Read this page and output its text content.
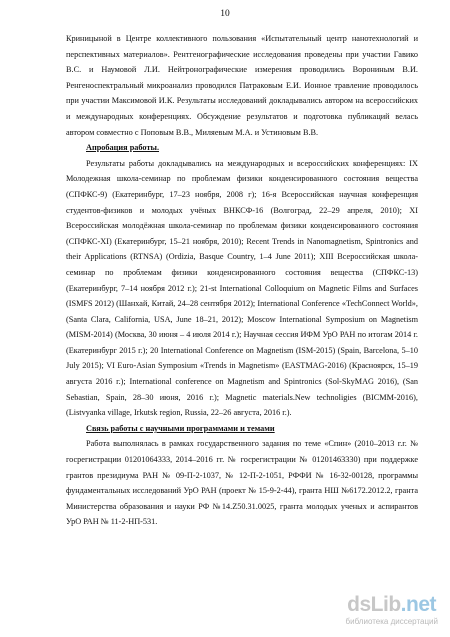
10

Криницыной в Центре коллективного пользования «Испытательный центр нанотехнологий и перспективных материалов». Рентгенографические исследования проведены при участии Гавико В.С. и Наумовой Л.И. Нейтронографические измерения проводились Ворониным В.И. Ренгеноспектральный микроанализ проводился Патраковым Е.И. Ионное травление проводилось при участии Максимовой И.К. Результаты исследований докладывались автором на всероссийских и международных конференциях. Обсуждение результатов и подготовка публикаций велась автором совместно с Поповым В.В., Миляевым М.А. и Устиновым В.В.

Апробация работы.

Результаты работы докладывались на международных и всероссийских конференциях: IX Молодежная школа-семинар по проблемам физики конденсированного состояния вещества (СПФКС-9) (Екатеринбург, 17–23 ноября, 2008 г); 16-я Всероссийская научная конференция студентов-физиков и молодых учёных ВНКСФ-16 (Волгоград, 22–29 апреля, 2010); XI Всероссийская молодёжная школа-семинар по проблемам физики конденсированного состояния (СПФКС-XI) (Екатеринбург, 15–21 ноября, 2010); Recent Trends in Nanomagnetism, Spintronics and their Applications (RTNSA) (Ordizia, Basque Country, 1–4 June 2011); XIII Всероссийская школа-семинар по проблемам физики конденсированного состояния вещества (СПФКС-13) (Екатеринбург, 7–14 ноября 2012 г.); 21-st International Colloquium on Magnetic Films and Surfaces (ISMFS 2012) (Шанхай, Китай, 24–28 сентября 2012); International Conference «TechConnect World», (Santa Clara, California, USA, June 18–21, 2012); Moscow International Symposium on Magnetism (MISM-2014) (Москва, 30 июня – 4 июля 2014 г.); Научная сессия ИФМ УрО РАН по итогам 2014 г. (Екатеринбург 2015 г.); 20 International Conference on Magnetism (ISM-2015) (Spain, Barcelona, 5–10 July 2015); VI Euro-Asian Symposium «Trends in Magnetism» (EASTMAG-2016) (Красноярск, 15–19 августа 2016 г.); International conference on Magnetism and Spintronics (Sol-SkyMAG 2016), (San Sebastian, Spain, 28–30 июня, 2016 г.); Magnetic materials.New technoligies (BICMM-2016), (Listvyanka village, Irkutsk region, Russia, 22–26 августа, 2016 г.).

Связь работы с научными программами и темами

Работа выполнялась в рамках государственного задания по теме «Спин» (2010–2013 г.г. № госрегистрации 01201064333, 2014–2016 гг. № госрегистрации № 01201463330) при поддержке грантов президиума РАН № 09-П-2-1037, № 12-П-2-1051, РФФИ № 16-32-00128, программы фундаментальных исследований УрО РАН (проект № 15-9-2-44), гранта НШ №6172.2012.2, гранта Министерства образования и науки РФ №14.Z50.31.0025, гранта молодых ученых и аспирантов УрО РАН № 11-2-НП-531.

dsLib.net
библиотека диссертаций
